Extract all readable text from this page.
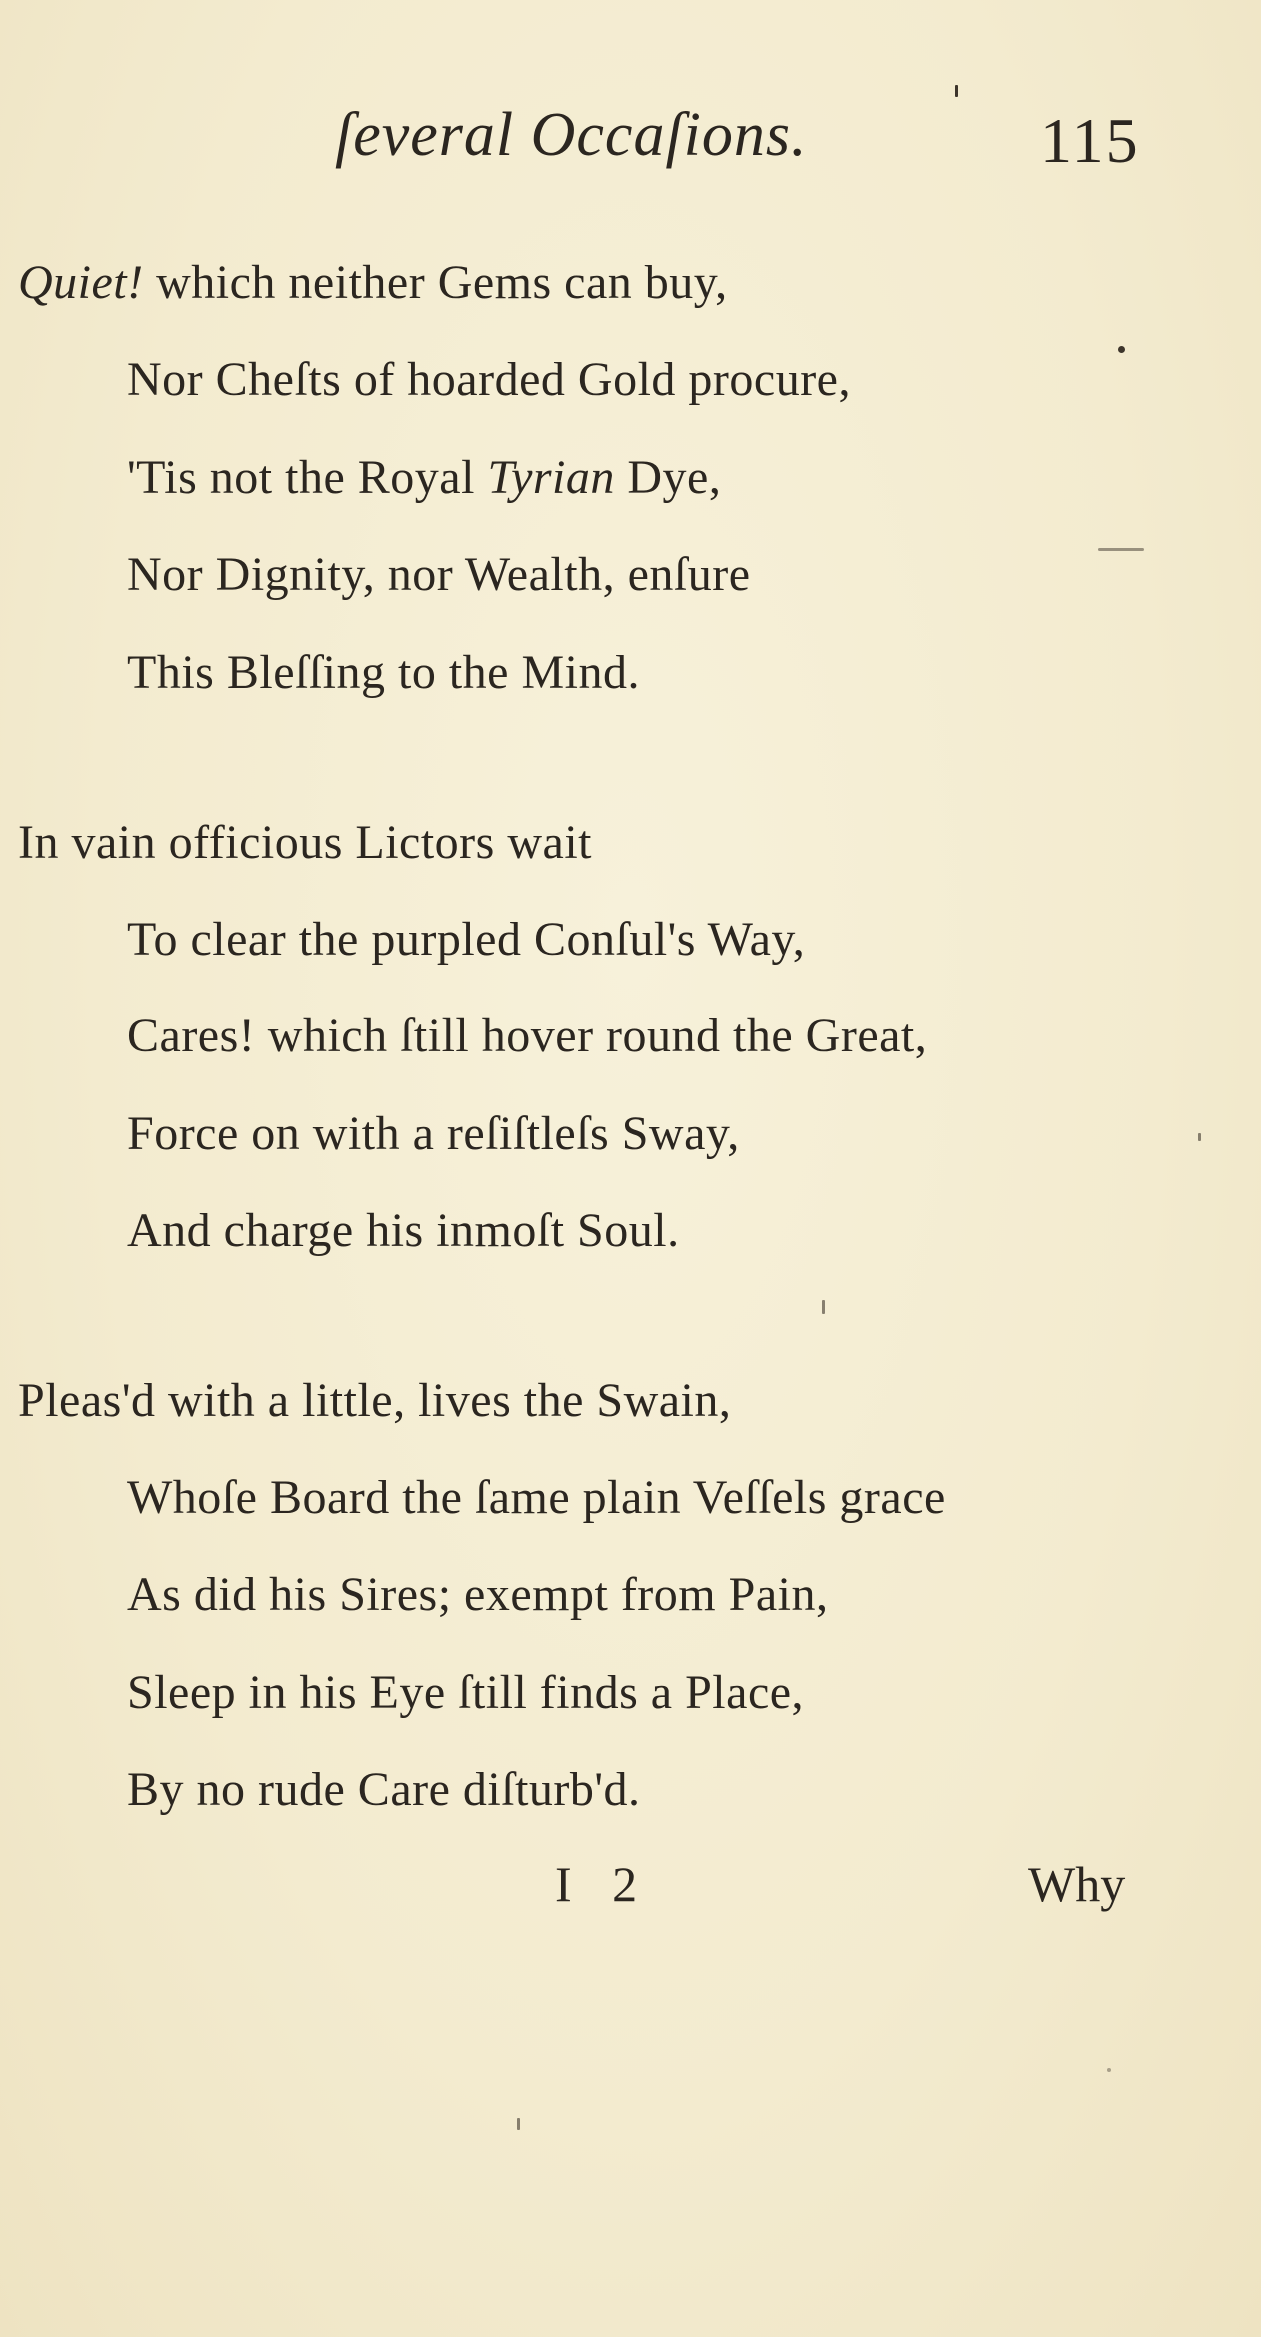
ſeveral Occaſions.	115
Quiet! which neither Gems can buy,
Nor Cheſts of hoarded Gold procure,
'Tis not the Royal Tyrian Dye,
Nor Dignity, nor Wealth, enſure
This Bleſſing to the Mind.
In vain officious Lictors wait
To clear the purpled Conſul's Way,
Cares! which ſtill hover round the Great,
Force on with a reſiſtleſs Sway,
And charge his inmoſt Soul.
Pleas'd with a little, lives the Swain,
Whoſe Board the ſame plain Veſſels grace
As did his Sires; exempt from Pain,
Sleep in his Eye ſtill finds a Place,
By no rude Care diſturb'd.
I 2	Why
